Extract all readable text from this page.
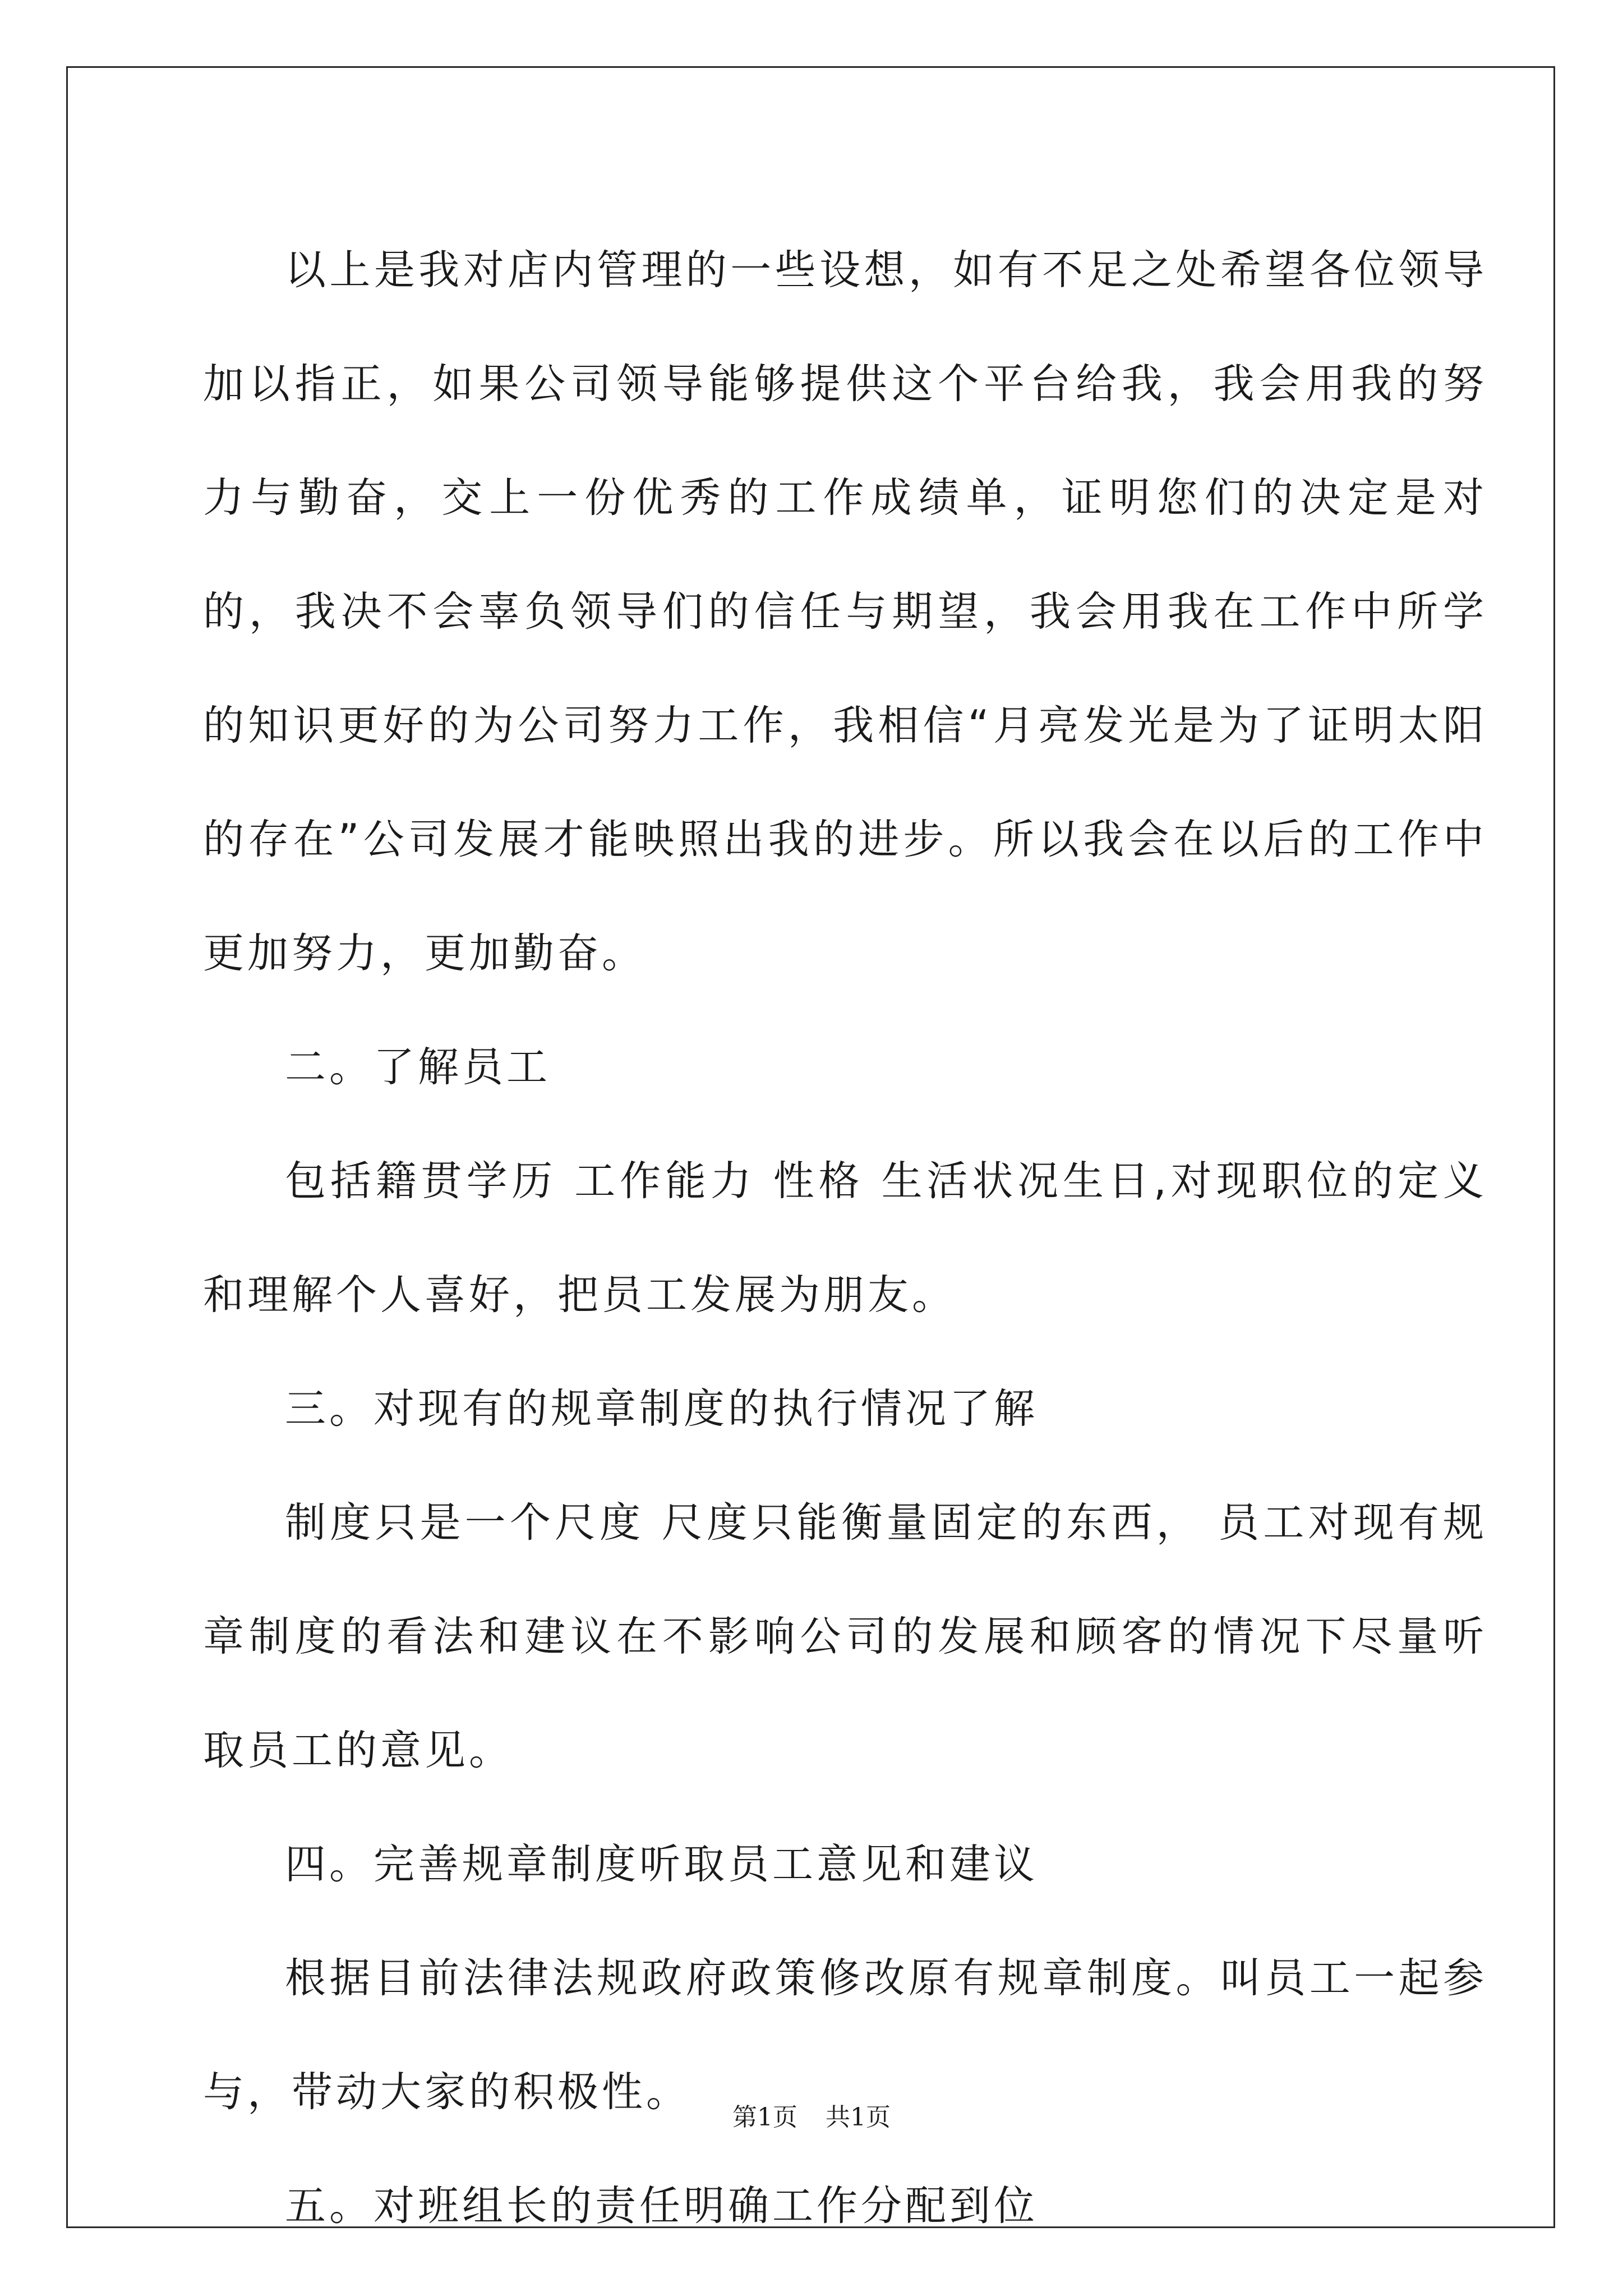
以上是我对店内管理的一些设想，如有不足之处希望各位领导加以指正，如果公司领导能够提供这个平台给我，我会用我的努力与勤奋，交上一份优秀的工作成绩单，证明您们的决定是对的，我决不会辜负领导们的信任与期望，我会用我在工作中所学的知识更好的为公司努力工作，我相信“月亮发光是为了证明太阳的存在”公司发展才能映照出我的进步。所以我会在以后的工作中更加努力，更加勤奋。

二。了解员工

包括籍贯学历 工作能力 性格 生活状况生日,对现职位的定义和理解个人喜好，把员工发展为朋友。

三。对现有的规章制度的执行情况了解

制度只是一个尺度 尺度只能衡量固定的东西， 员工对现有规章制度的看法和建议在不影响公司的发展和顾客的情况下尽量听取员工的意见。

四。完善规章制度听取员工意见和建议

根据目前法律法规政府政策修改原有规章制度。叫员工一起参与，带动大家的积极性。

五。对班组长的责任明确工作分配到位

第1页 共1页
